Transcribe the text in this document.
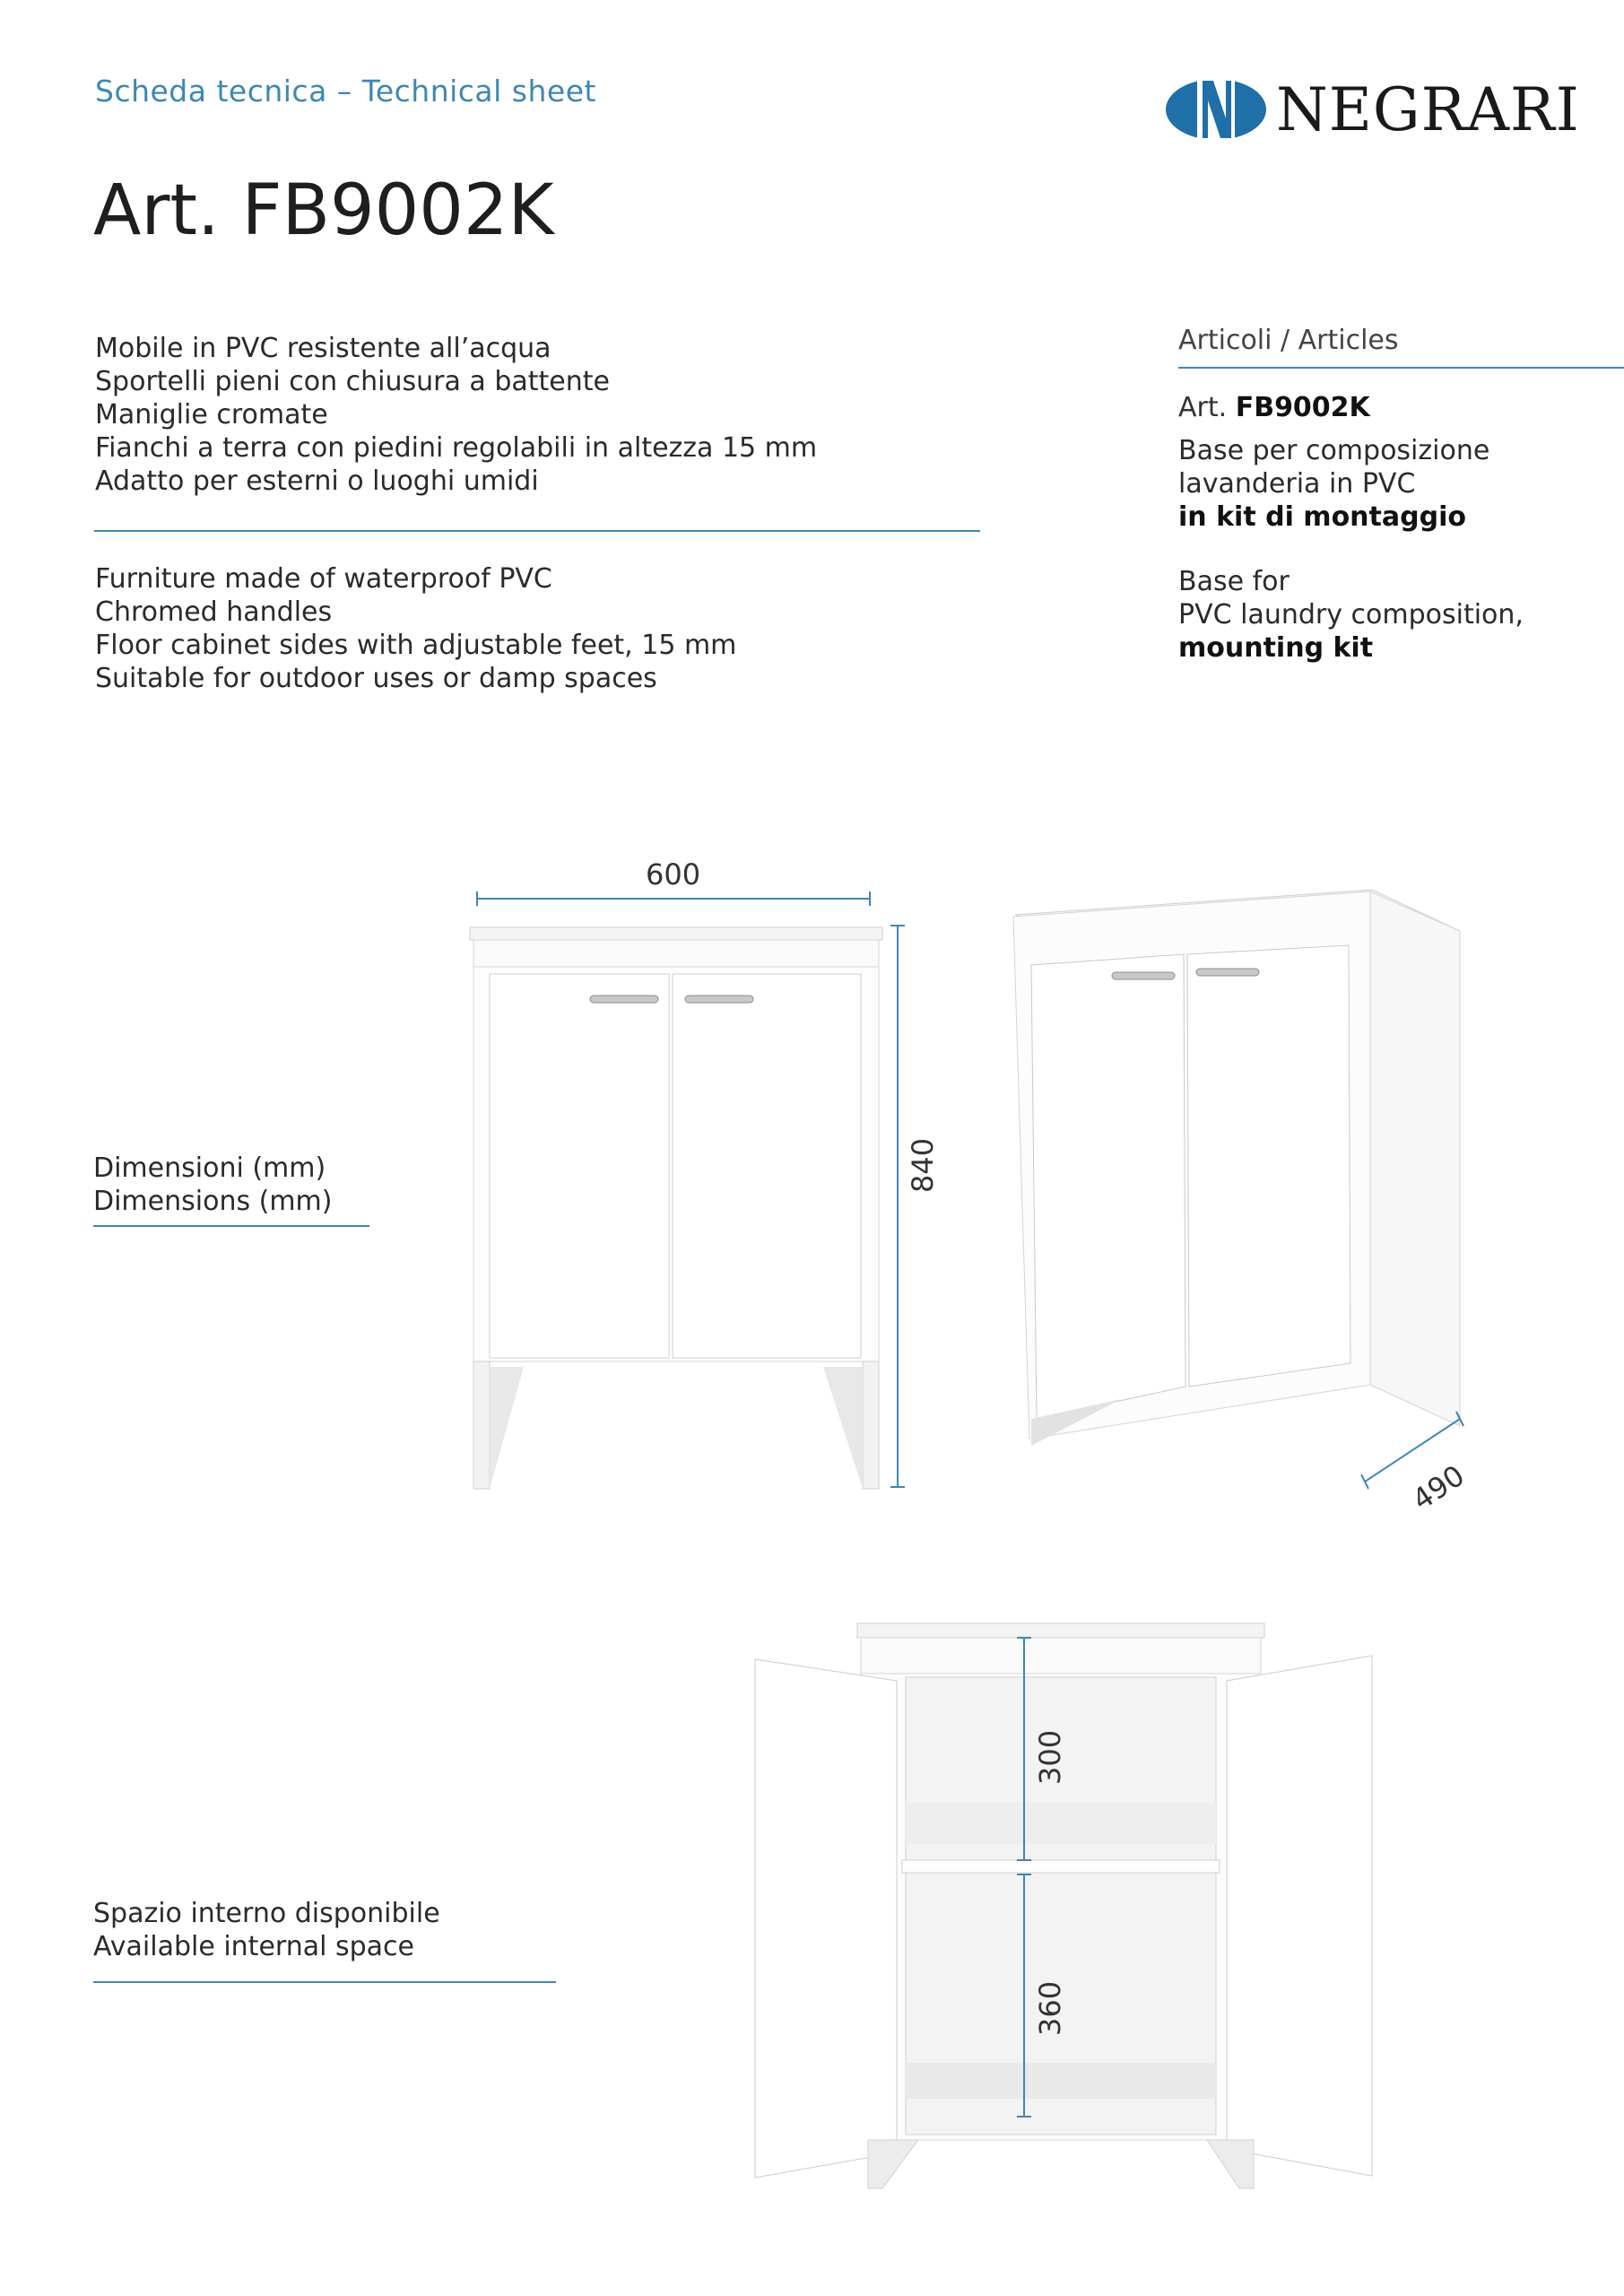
Scheda tecnica – Technical sheet	NEGRARI
Art. FB9002K
Mobile in PVC resistente all’acqua
Sportelli pieni con chiusura a battente
Maniglie cromate
Fianchi a terra con piedini regolabili in altezza 15 mm
Adatto per esterni o luoghi umidi
Furniture made of waterproof PVC
Chromed handles
Floor cabinet sides with adjustable feet, 15 mm
Suitable for outdoor uses or damp spaces
Articoli / Articles
Art. FB9002K
Base per composizione
lavanderia in PVC
in kit di montaggio
Base for
PVC laundry composition,
mounting kit
Dimensioni (mm)
Dimensions (mm)
600
840
490
Spazio interno disponibile
Available internal space
300
360
